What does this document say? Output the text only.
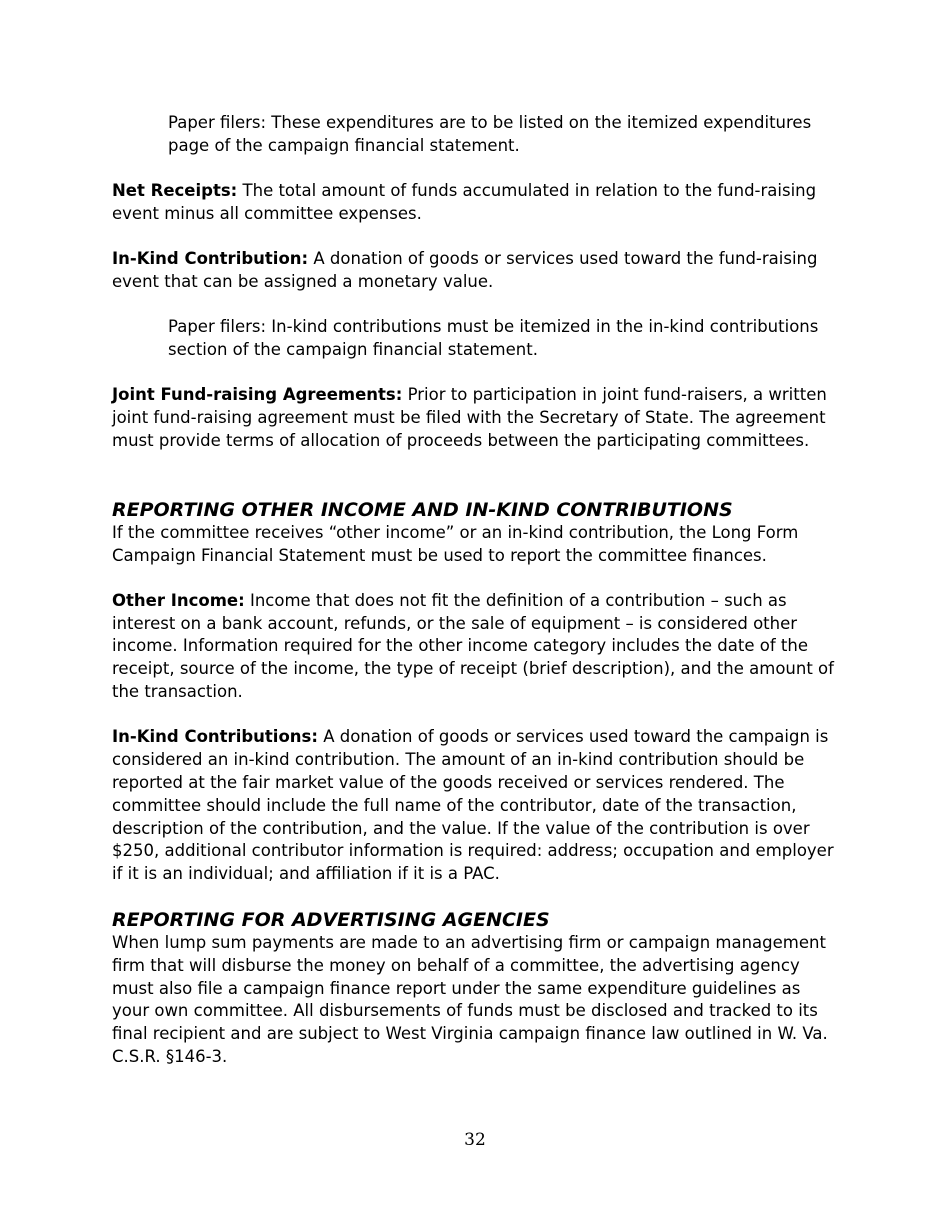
Paper filers: These expenditures are to be listed on the itemized expenditures page of the campaign financial statement.

Net Receipts: The total amount of funds accumulated in relation to the fund-raising event minus all committee expenses.

In-Kind Contribution: A donation of goods or services used toward the fund-raising event that can be assigned a monetary value.

Paper filers: In-kind contributions must be itemized in the in-kind contributions section of the campaign financial statement.

Joint Fund-raising Agreements: Prior to participation in joint fund-raisers, a written joint fund-raising agreement must be filed with the Secretary of State. The agreement must provide terms of allocation of proceeds between the participating committees.

REPORTING OTHER INCOME AND IN-KIND CONTRIBUTIONS

If the committee receives “other income” or an in-kind contribution, the Long Form Campaign Financial Statement must be used to report the committee finances.

Other Income: Income that does not fit the definition of a contribution – such as interest on a bank account, refunds, or the sale of equipment – is considered other income. Information required for the other income category includes the date of the receipt, source of the income, the type of receipt (brief description), and the amount of the transaction.

In-Kind Contributions: A donation of goods or services used toward the campaign is considered an in-kind contribution. The amount of an in-kind contribution should be reported at the fair market value of the goods received or services rendered. The committee should include the full name of the contributor, date of the transaction, description of the contribution, and the value. If the value of the contribution is over $250, additional contributor information is required: address; occupation and employer if it is an individual; and affiliation if it is a PAC.

REPORTING FOR ADVERTISING AGENCIES

When lump sum payments are made to an advertising firm or campaign management firm that will disburse the money on behalf of a committee, the advertising agency must also file a campaign finance report under the same expenditure guidelines as your own committee. All disbursements of funds must be disclosed and tracked to its final recipient and are subject to West Virginia campaign finance law outlined in W. Va. C.S.R. §146-3.

32
